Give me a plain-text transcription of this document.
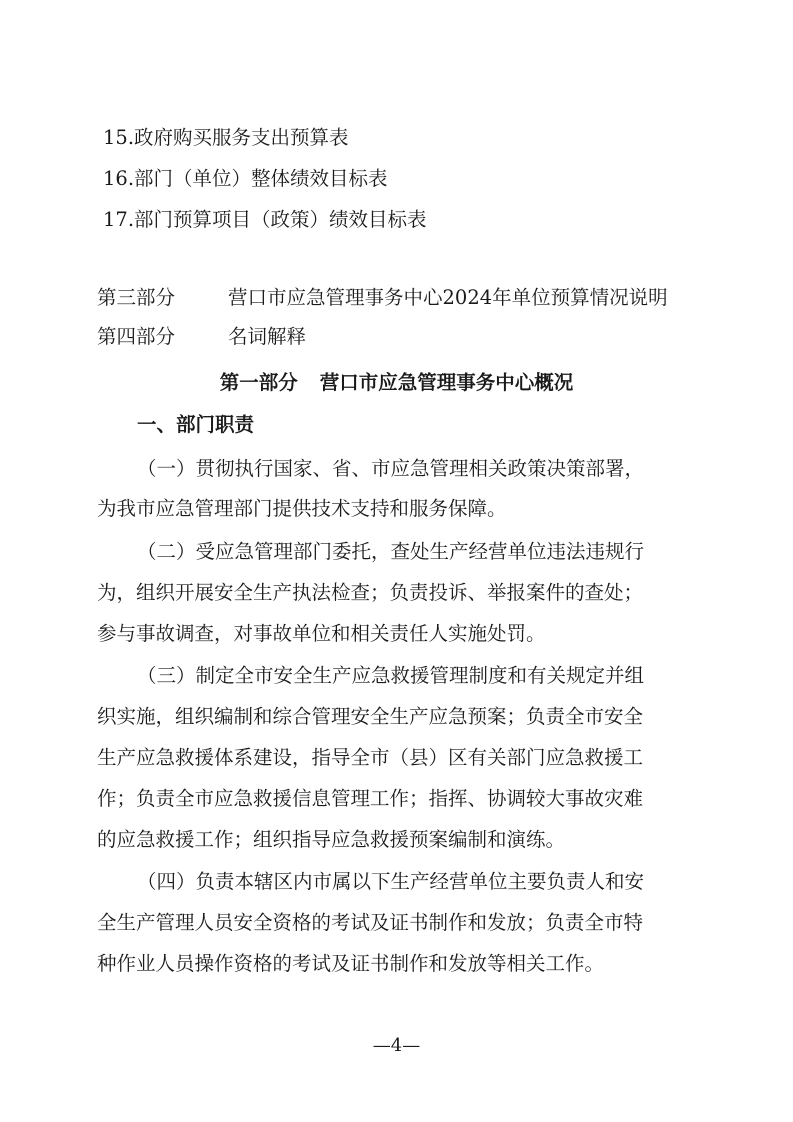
15.政府购买服务支出预算表
16.部门（单位）整体绩效目标表
17.部门预算项目（政策）绩效目标表
第三部分	营口市应急管理事务中心2024年单位预算情况说明
第四部分	名词解释
第一部分 营口市应急管理事务中心概况
一、部门职责
（一）贯彻执行国家、省、市应急管理相关政策决策部署，
为我市应急管理部门提供技术支持和服务保障。
（二）受应急管理部门委托，查处生产经营单位违法违规行
为，组织开展安全生产执法检查；负责投诉、举报案件的查处；
参与事故调查，对事故单位和相关责任人实施处罚。
（三）制定全市安全生产应急救援管理制度和有关规定并组
织实施，组织编制和综合管理安全生产应急预案；负责全市安全
生产应急救援体系建设，指导全市（县）区有关部门应急救援工
作；负责全市应急救援信息管理工作；指挥、协调较大事故灾难
的应急救援工作；组织指导应急救援预案编制和演练。
（四）负责本辖区内市属以下生产经营单位主要负责人和安
全生产管理人员安全资格的考试及证书制作和发放；负责全市特
种作业人员操作资格的考试及证书制作和发放等相关工作。
—4—
